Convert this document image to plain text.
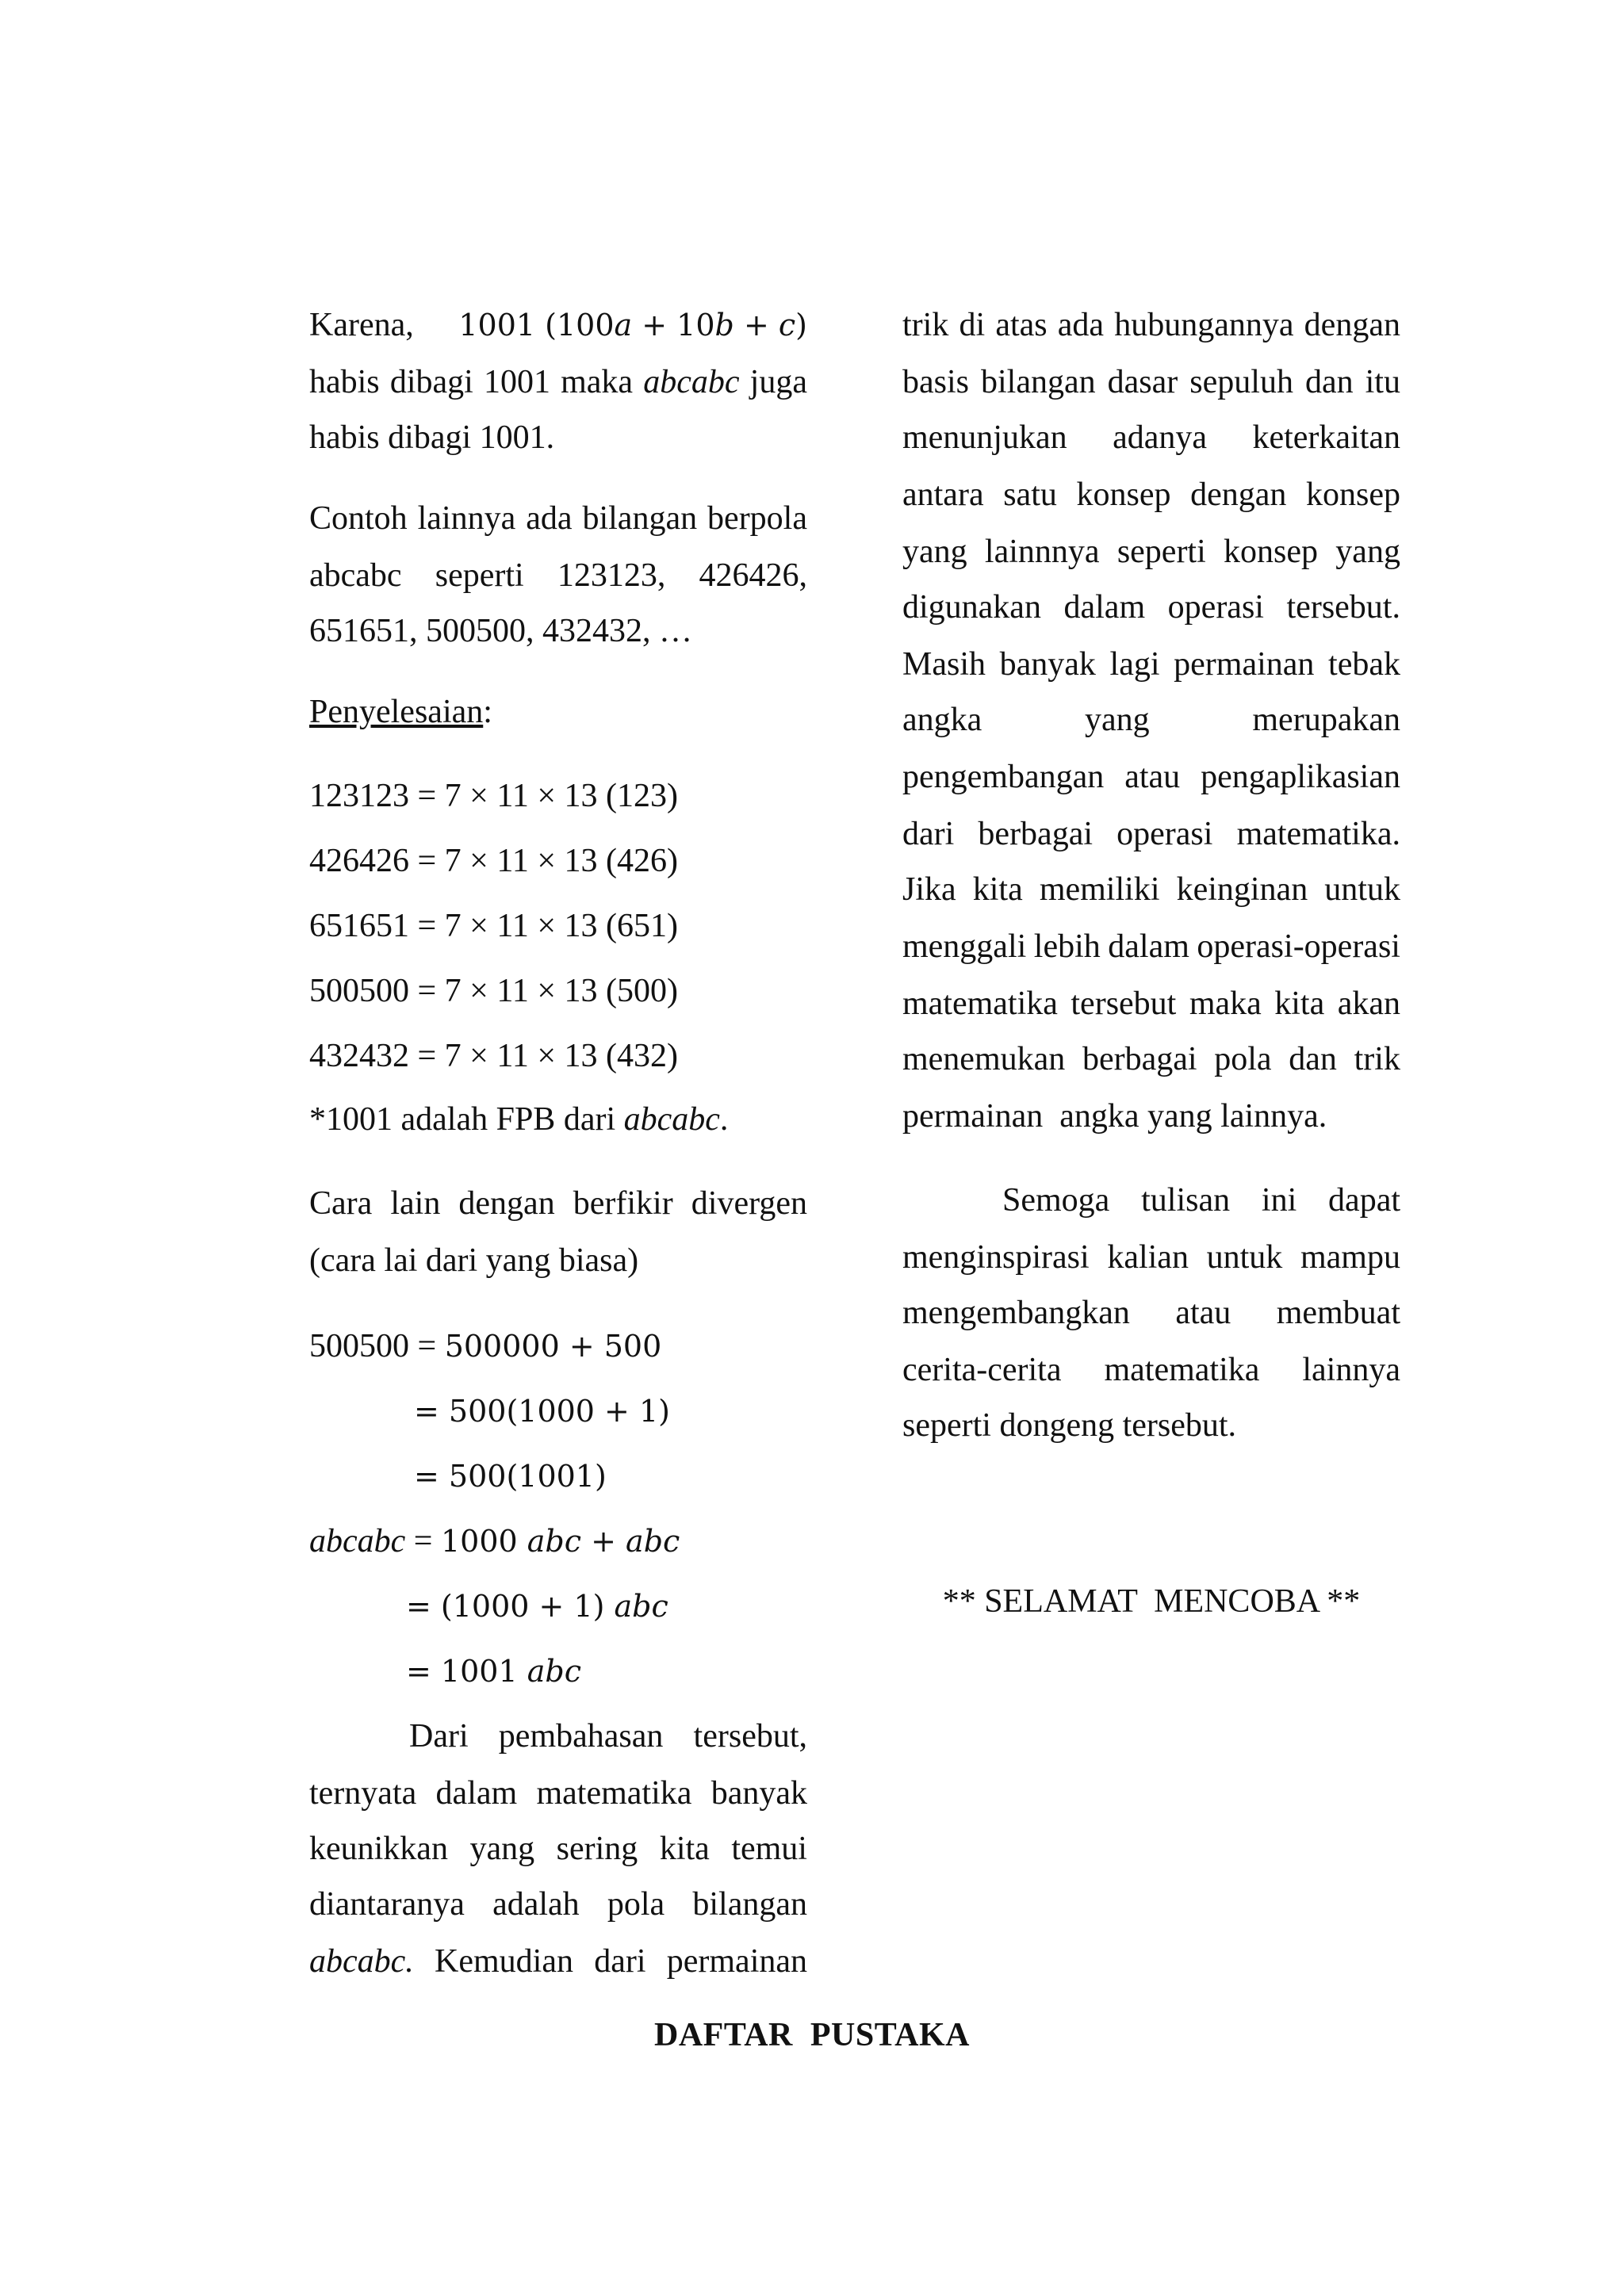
Karena, 1001 (100a + 10b + c)
habis dibagi 1001 maka abcabc juga
habis dibagi 1001.
Contoh lainnya ada bilangan berpola
abcabc seperti 123123, 426426,
651651, 500500, 432432, …
Penyelesaian:
123123 = 7 × 11 × 13 (123)
426426 = 7 × 11 × 13 (426)
651651 = 7 × 11 × 13 (651)
500500 = 7 × 11 × 13 (500)
432432 = 7 × 11 × 13 (432)
*1001 adalah FPB dari abcabc.
Cara lain dengan berfikir divergen
(cara lai dari yang biasa)
500500 = 500000 + 500
= 500(1000 + 1)
= 500(1001)
abcabc = 1000 abc + abc
= (1000 + 1) abc
= 1001 abc
Dari pembahasan tersebut,
ternyata dalam matematika banyak
keunikkan yang sering kita temui
diantaranya adalah pola bilangan
abcabc. Kemudian dari permainan
trik di atas ada hubungannya dengan
basis bilangan dasar sepuluh dan itu
menunjukan adanya keterkaitan
antara satu konsep dengan konsep
yang lainnnya seperti konsep yang
digunakan dalam operasi tersebut.
Masih banyak lagi permainan tebak
angka	yang	merupakan
pengembangan atau pengaplikasian
dari berbagai operasi matematika.
Jika kita memiliki keinginan untuk
menggali lebih dalam operasi-operasi
matematika tersebut maka kita akan
menemukan berbagai pola dan trik
permainan  angka yang lainnya.
Semoga tulisan ini dapat
menginspirasi kalian untuk mampu
mengembangkan atau membuat
cerita-cerita matematika lainnya
seperti dongeng tersebut.
** SELAMAT  MENCOBA **
DAFTAR  PUSTAKA
